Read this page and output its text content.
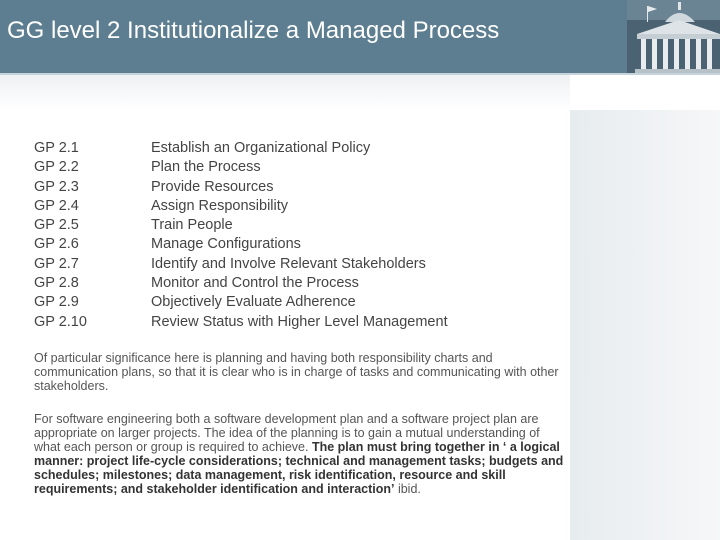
GG level 2 Institutionalize a Managed Process
GP 2.1	Establish an Organizational Policy
GP 2.2	Plan the Process
GP 2.3	Provide Resources
GP 2.4	Assign Responsibility
GP 2.5	Train People
GP 2.6	Manage Configurations
GP 2.7	Identify and Involve Relevant Stakeholders
GP 2.8	Monitor and Control the Process
GP 2.9	Objectively Evaluate Adherence
GP 2.10	Review Status with Higher Level Management
Of particular significance here is planning and having both responsibility charts and communication plans, so that it is clear who is in charge of tasks and communicating with other stakeholders.
For software engineering both a software development plan and a software project plan are appropriate on larger projects. The idea of the planning is to gain a mutual understanding of what each person or group is required to achieve. The plan must bring together in ‘ a logical manner: project life-cycle considerations; technical and management tasks; budgets and schedules; milestones; data management, risk identification, resource and skill requirements; and stakeholder identification and interaction’ ibid.
